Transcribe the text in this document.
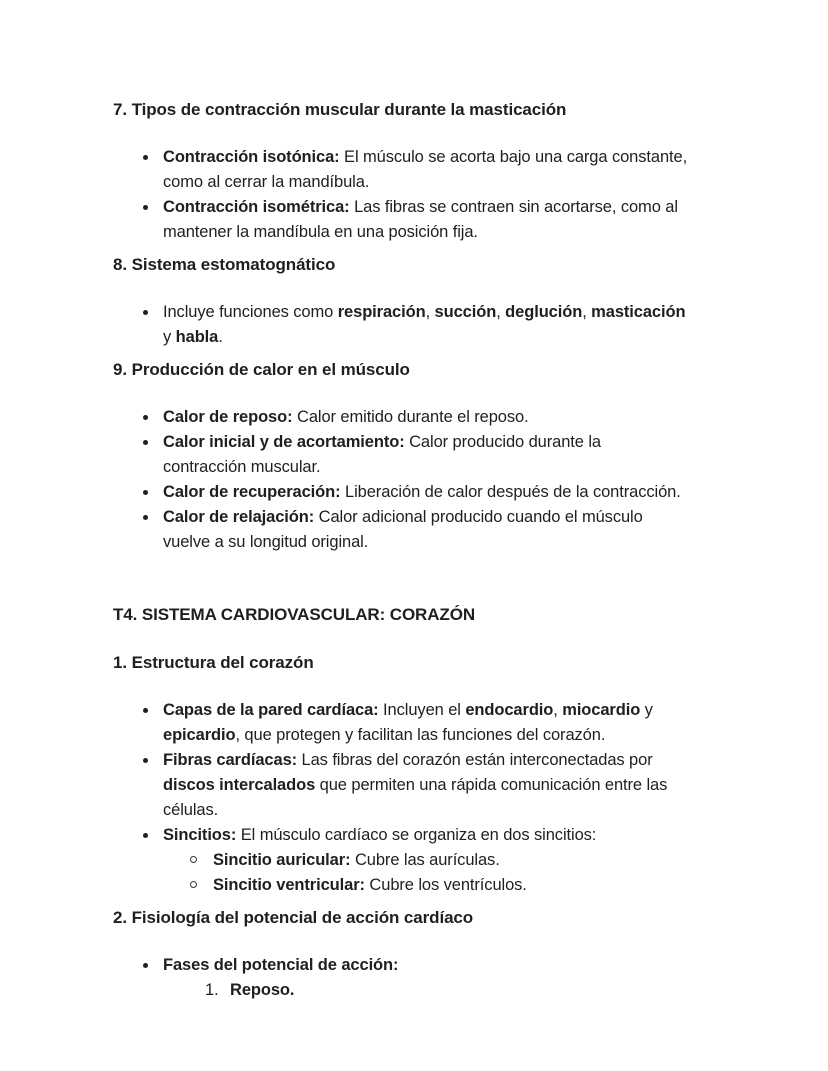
7. Tipos de contracción muscular durante la masticación
Contracción isotónica: El músculo se acorta bajo una carga constante,
como al cerrar la mandíbula.
Contracción isométrica: Las fibras se contraen sin acortarse, como al
mantener la mandíbula en una posición fija.
8. Sistema estomatognático
Incluye funciones como respiración, succión, deglución, masticación
y habla.
9. Producción de calor en el músculo
Calor de reposo: Calor emitido durante el reposo.
Calor inicial y de acortamiento: Calor producido durante la
contracción muscular.
Calor de recuperación: Liberación de calor después de la contracción.
Calor de relajación: Calor adicional producido cuando el músculo
vuelve a su longitud original.
T4. SISTEMA CARDIOVASCULAR: CORAZÓN
1. Estructura del corazón
Capas de la pared cardíaca: Incluyen el endocardio, miocardio y
epicardio, que protegen y facilitan las funciones del corazón.
Fibras cardíacas: Las fibras del corazón están interconectadas por
discos intercalados que permiten una rápida comunicación entre las
células.
Sincitios: El músculo cardíaco se organiza en dos sincitios:
Sincitio auricular: Cubre las aurículas.
Sincitio ventricular: Cubre los ventrículos.
2. Fisiología del potencial de acción cardíaco
Fases del potencial de acción:
1. Reposo.
